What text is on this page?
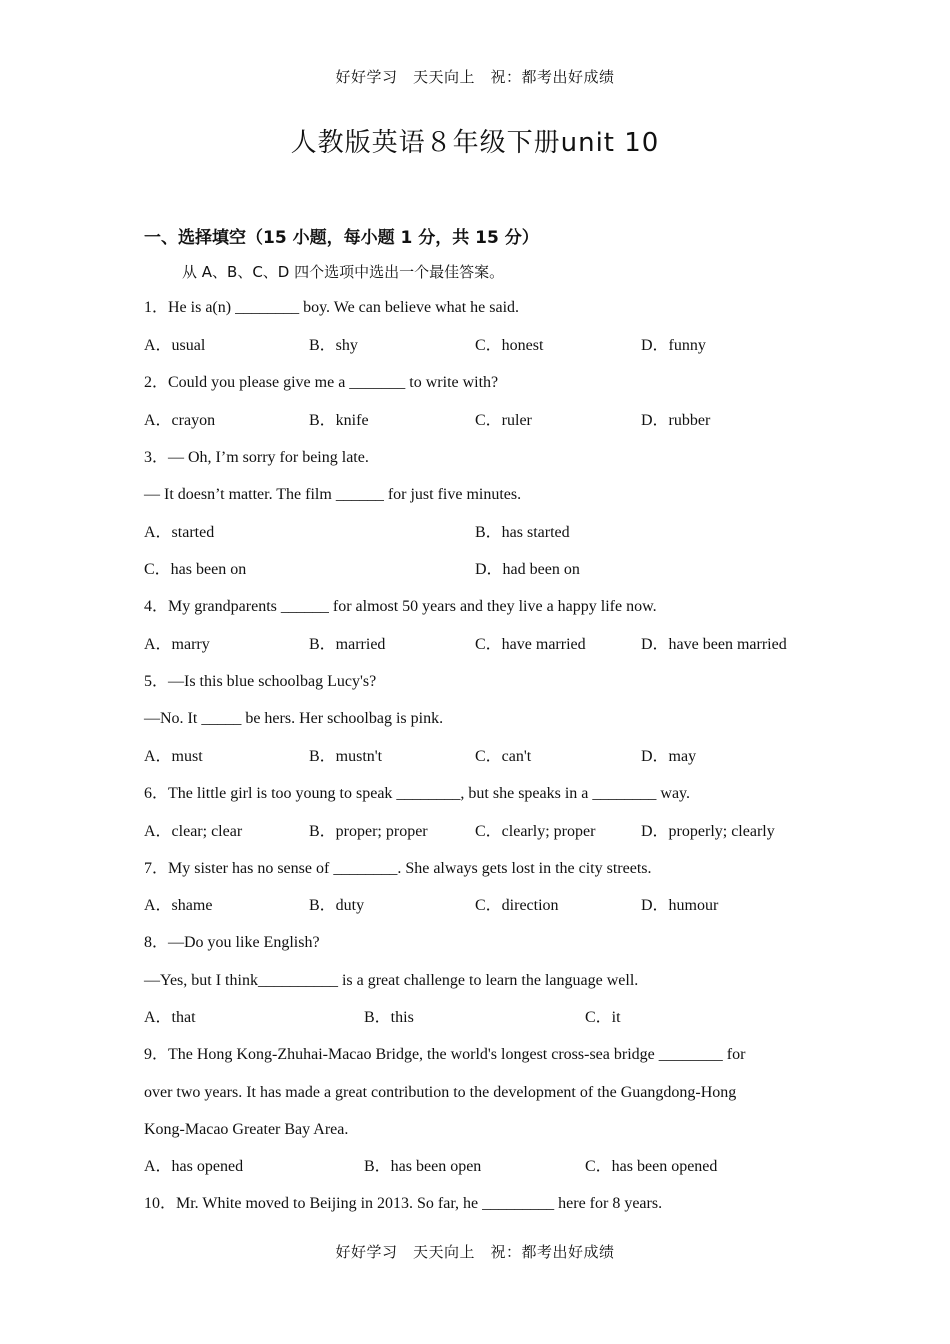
好好学习　天天向上　祝：都考出好成绩
人教版英语８年级下册unit 10
一、选择填空（15 小题，每小题 1 分，共 15 分）
从 A、B、C、D 四个选项中选出一个最佳答案。
1．He is a(n) ________ boy. We can believe what he said.
A．usual	B．shy	C．honest	D．funny
2．Could you please give me a _______ to write with?
A．crayon	B．knife	C．ruler	D．rubber
3．— Oh, I’m sorry for being late.
— It doesn’t matter. The film ______ for just five minutes.
A．started	B．has started
C．has been on	D．had been on
4．My grandparents ______ for almost 50 years and they live a happy life now.
A．marry	B．married	C．have married	D．have been married
5．—Is this blue schoolbag Lucy's?
—No. It _____ be hers. Her schoolbag is pink.
A．must	B．mustn't	C．can't	D．may
6．The little girl is too young to speak ________, but she speaks in a ________ way.
A．clear; clear	B．proper; proper	C．clearly; proper	D．properly; clearly
7．My sister has no sense of ________. She always gets lost in the city streets.
A．shame	B．duty	C．direction	D．humour
8．—Do you like English?
—Yes, but I think__________ is a great challenge to learn the language well.
A．that	B．this	C．it
9．The Hong Kong-Zhuhai-Macao Bridge, the world's longest cross-sea bridge ________ for
over two years. It has made a great contribution to the development of the Guangdong-Hong
Kong-Macao Greater Bay Area.
A．has opened	B．has been open	C．has been opened
10．Mr. White moved to Beijing in 2013. So far, he _________ here for 8 years.
好好学习　天天向上　祝：都考出好成绩
